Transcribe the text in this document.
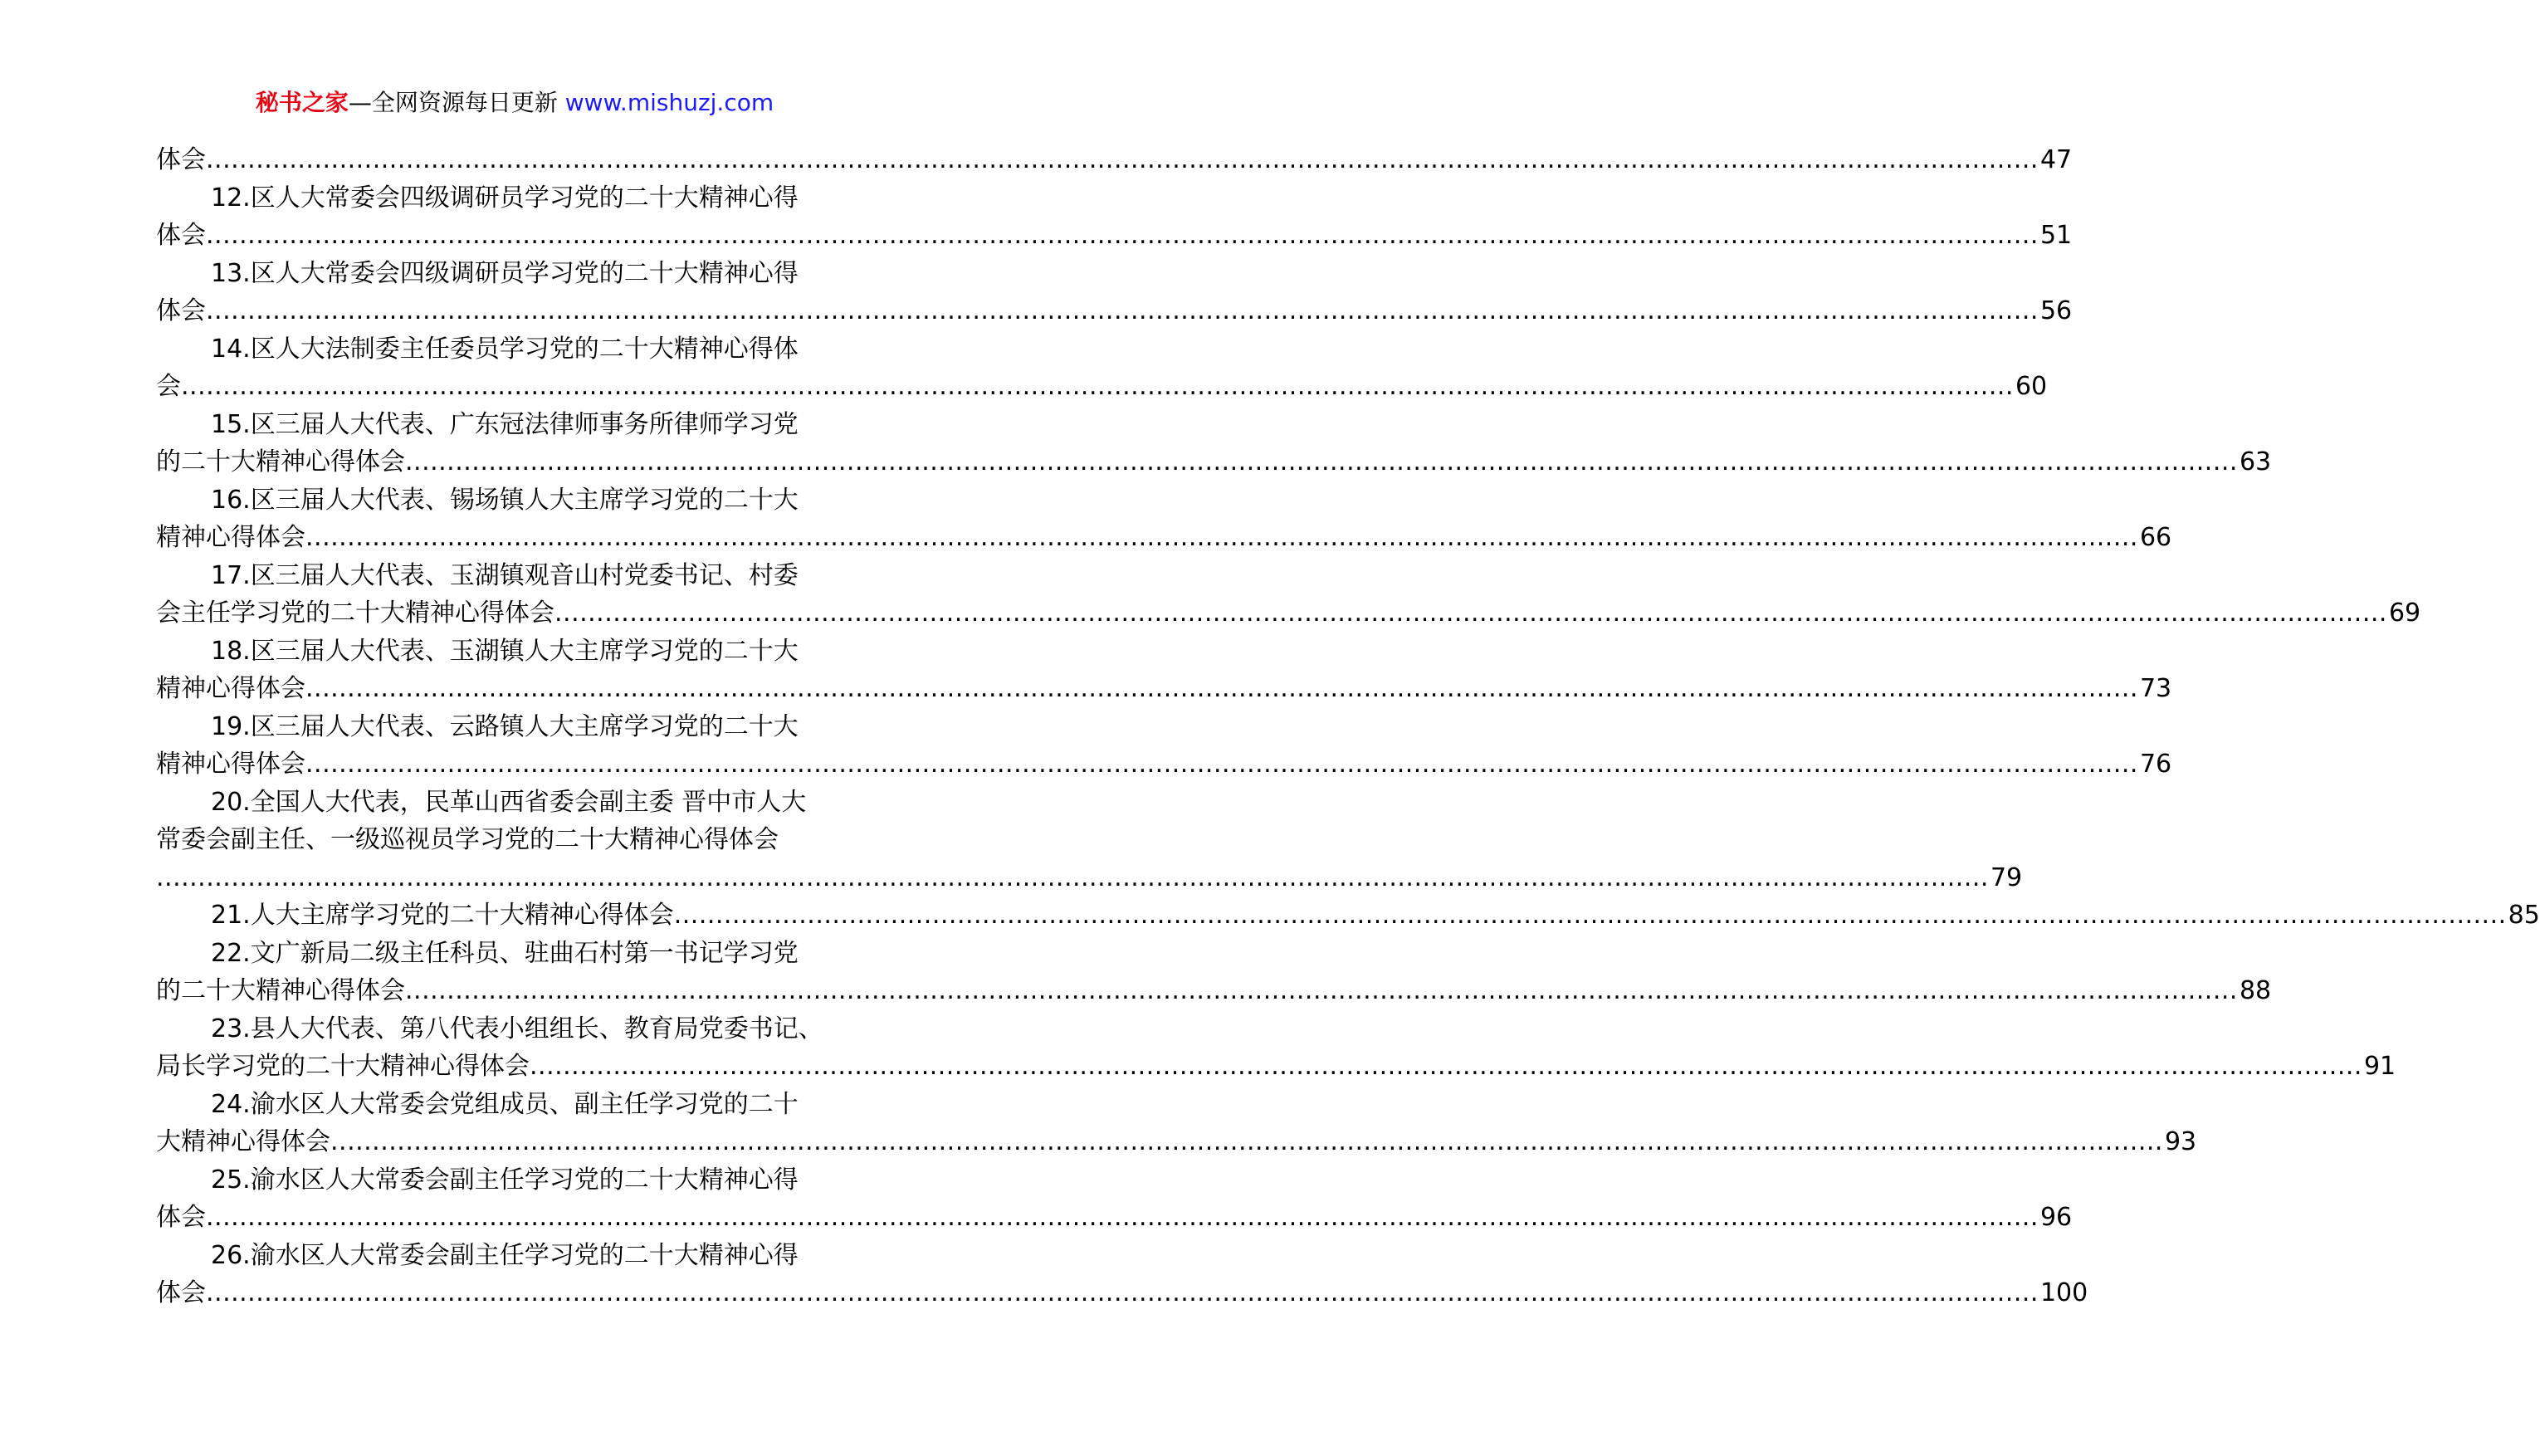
秘书之家—全网资源每日更新 www.mishuzj.com
体会 ............................................................................................................................................................................................................................ 47
12.区人大常委会四级调研员学习党的二十大精神心得
体会 ............................................................................................................................................................................................................................ 51
13.区人大常委会四级调研员学习党的二十大精神心得
体会 ............................................................................................................................................................................................................................ 56
14.区人大法制委主任委员学习党的二十大精神心得体
会 ............................................................................................................................................................................................................................ 60
15.区三届人大代表、广东冠法律师事务所律师学习党
的二十大精神心得体会 ............................................................................................................................................................................................................................ 63
16.区三届人大代表、锡场镇人大主席学习党的二十大
精神心得体会 ............................................................................................................................................................................................................................ 66
17.区三届人大代表、玉湖镇观音山村党委书记、村委
会主任学习党的二十大精神心得体会 ............................................................................................................................................................................................................................ 69
18.区三届人大代表、玉湖镇人大主席学习党的二十大
精神心得体会 ............................................................................................................................................................................................................................ 73
19.区三届人大代表、云路镇人大主席学习党的二十大
精神心得体会 ............................................................................................................................................................................................................................ 76
20.全国人大代表，民革山西省委会副主委 晋中市人大
常委会副主任、一级巡视员学习党的二十大精神心得体会
............................................................................................................................................................................................................................ 79
21.人大主席学习党的二十大精神心得体会 ............................................................................................................................................................................................................................ 85
22.文广新局二级主任科员、驻曲石村第一书记学习党
的二十大精神心得体会 ............................................................................................................................................................................................................................ 88
23.县人大代表、第八代表小组组长、教育局党委书记、
局长学习党的二十大精神心得体会 ............................................................................................................................................................................................................................ 91
24.渝水区人大常委会党组成员、副主任学习党的二十
大精神心得体会 ............................................................................................................................................................................................................................ 93
25.渝水区人大常委会副主任学习党的二十大精神心得
体会 ............................................................................................................................................................................................................................ 96
26.渝水区人大常委会副主任学习党的二十大精神心得
体会 ............................................................................................................................................................................................................................ 100
